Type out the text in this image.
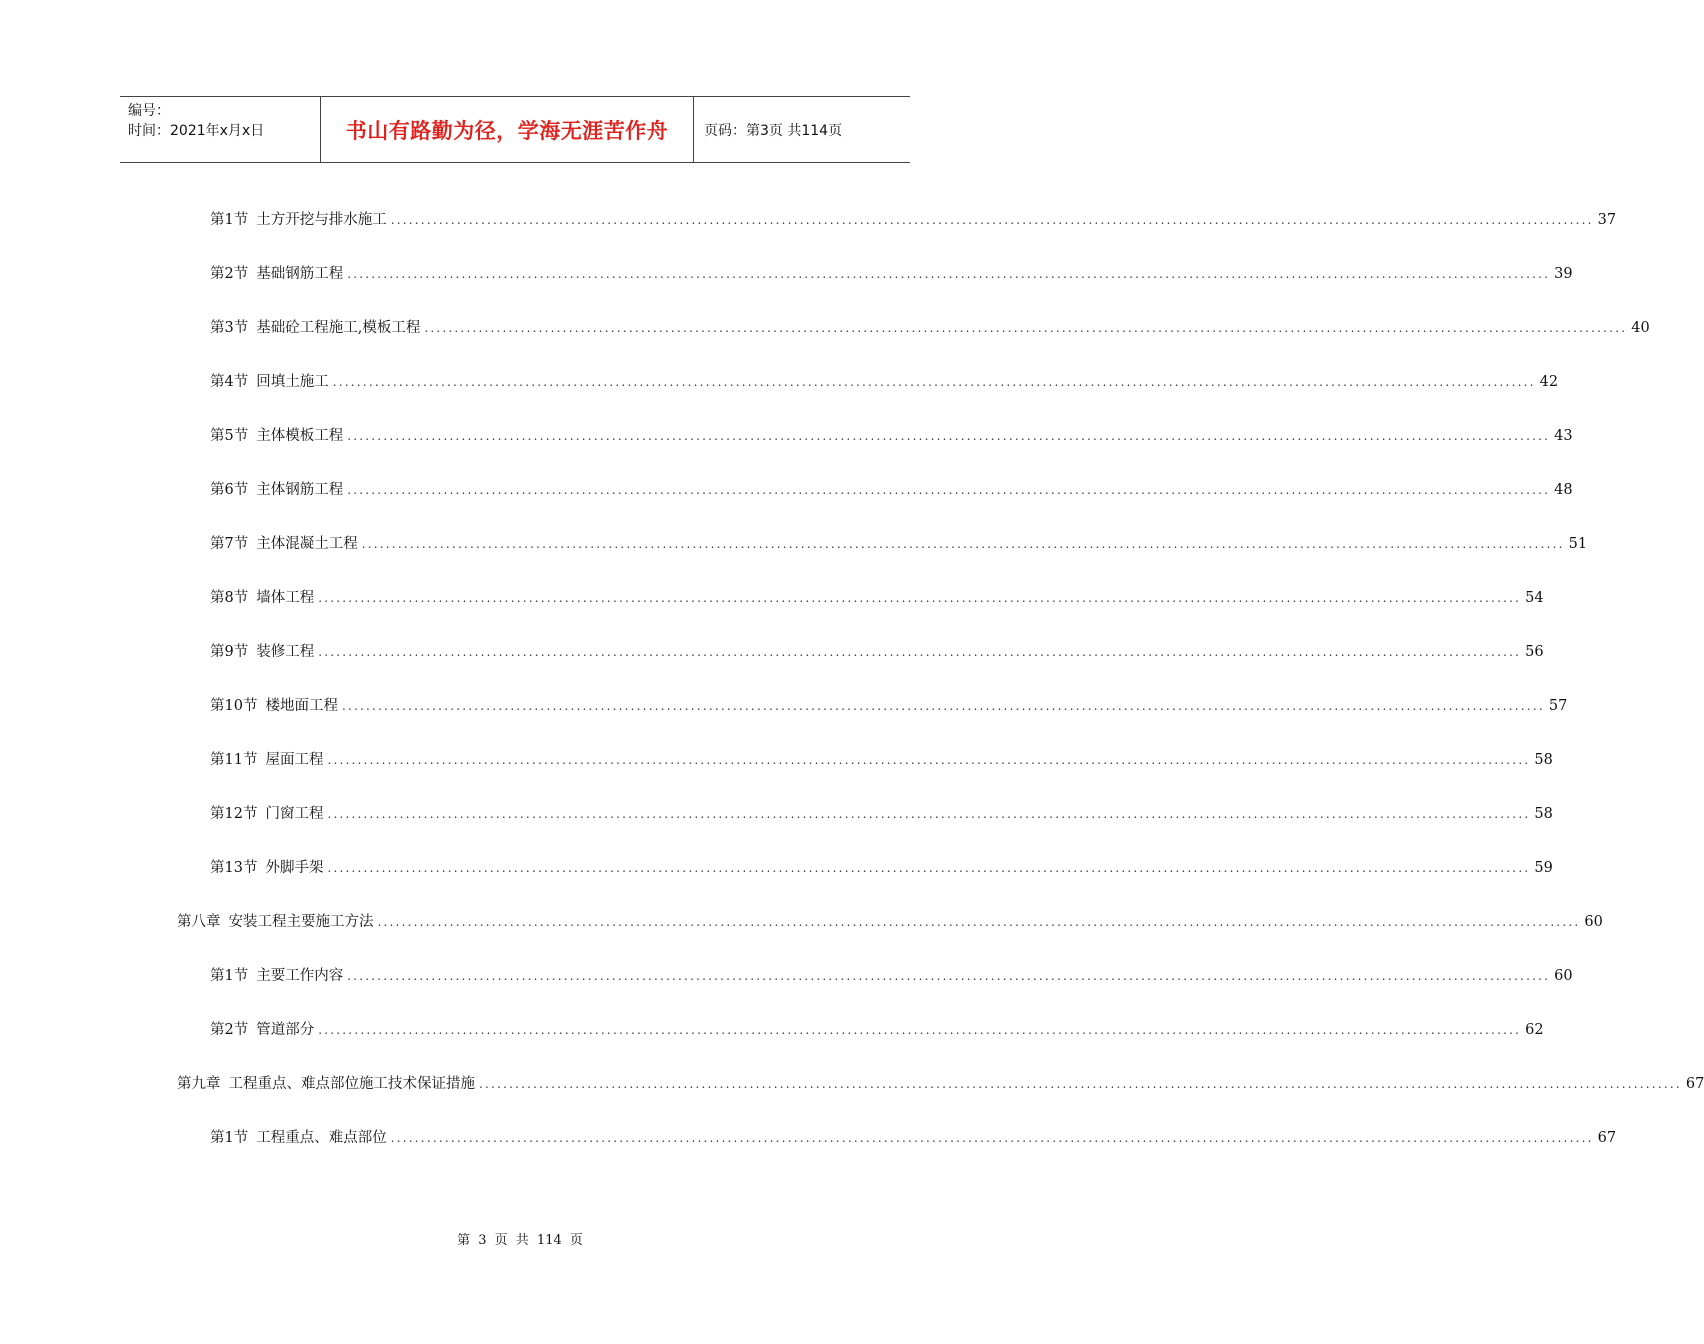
编号：
时间：2021年x月x日	书山有路勤为径，学海无涯苦作舟	页码：第3页 共114页
第1节 土方开挖与排水施工 ........................................................................................................................................................................................................ 37
第2节 基础钢筋工程 ........................................................................................................................................................................................................ 39
第3节 基础砼工程施工,模板工程 ........................................................................................................................................................................................................ 40
第4节 回填土施工 ........................................................................................................................................................................................................ 42
第5节 主体模板工程 ........................................................................................................................................................................................................ 43
第6节 主体钢筋工程 ........................................................................................................................................................................................................ 48
第7节 主体混凝土工程 ........................................................................................................................................................................................................ 51
第8节 墙体工程 ........................................................................................................................................................................................................ 54
第9节 装修工程 ........................................................................................................................................................................................................ 56
第10节 楼地面工程 ........................................................................................................................................................................................................ 57
第11节 屋面工程 ........................................................................................................................................................................................................ 58
第12节 门窗工程 ........................................................................................................................................................................................................ 58
第13节 外脚手架 ........................................................................................................................................................................................................ 59
第八章 安装工程主要施工方法 ........................................................................................................................................................................................................ 60
第1节 主要工作内容 ........................................................................................................................................................................................................ 60
第2节 管道部分 ........................................................................................................................................................................................................ 62
第九章 工程重点、难点部位施工技术保证措施 ........................................................................................................................................................................................................ 67
第1节 工程重点、难点部位 ........................................................................................................................................................................................................ 67
第 3 页 共 114 页
